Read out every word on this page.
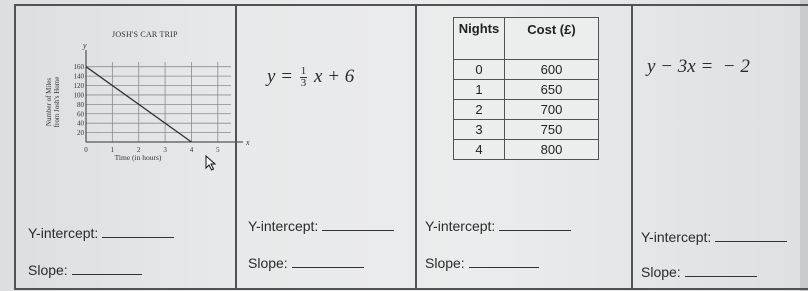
JOSH'S CAR TRIP
x
y
20
40
60
80
100
120
140
160
0	1	2	3	4	5
Time (in hours)
Number of Miles from Josh's Home
Y-intercept:
Slope:
$y = \frac{1}{3}$ x + 6
Y-intercept:
Slope:
Y-intercept:
Slope:
Nights	Cost (£)
0	600
1	650
2	700
3	750
4	800
y − 3x =  − 2
Y-intercept:
Slope:
